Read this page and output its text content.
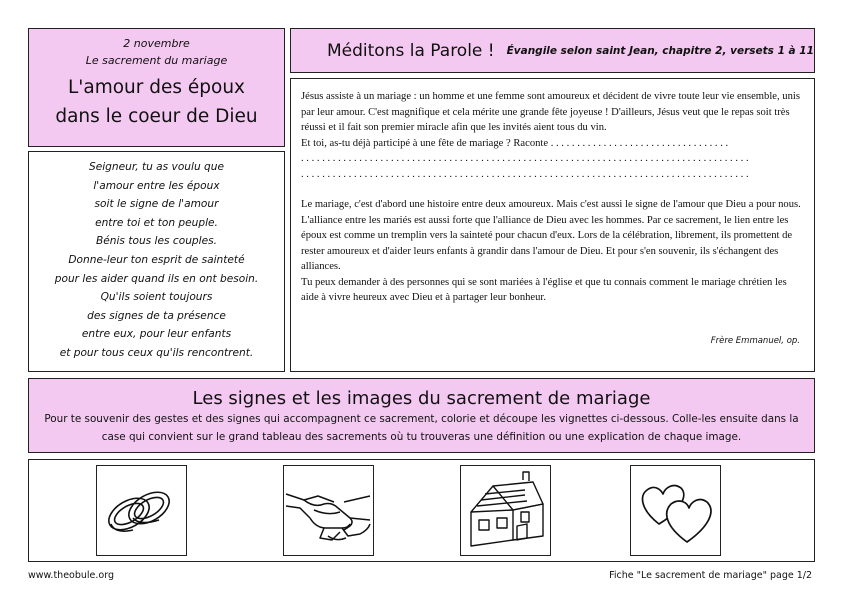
2 novembre
Le sacrement du mariage
L'amour des époux
dans le coeur de Dieu
Seigneur, tu as voulu que
l'amour entre les époux
soit le signe de l'amour
entre toi et ton peuple.
Bénis tous les couples.
Donne-leur ton esprit de sainteté
pour les aider quand ils en ont besoin.
Qu'ils soient toujours
des signes de ta présence
entre eux, pour leur enfants
et pour tous ceux qu'ils rencontrent.
Méditons la Parole ! Évangile selon saint Jean, chapitre 2, versets 1 à 11

Jésus assiste à un mariage : un homme et une femme sont amoureux et décident de vivre toute leur vie ensemble, unis par leur amour. C'est magnifique et cela mérite une grande fête joyeuse ! D'ailleurs, Jésus veut que le repas soit très réussi et il fait son premier miracle afin que les invités aient tous du vin.

Et toi, as-tu déjà participé à une fête de mariage ? Raconte . . . . . . . . . . . . . . . . . . . . . . . . . . . . . . . . . .

. . . . . . . . . . . . . . . . . . . . . . . . . . . . . . . . . . . . . . . . . . . . . . . . . . . . . . . . . . . . . . . . . . . . . . . . . . . . . . . . . . . . .

. . . . . . . . . . . . . . . . . . . . . . . . . . . . . . . . . . . . . . . . . . . . . . . . . . . . . . . . . . . . . . . . . . . . . . . . . . . . . . . . . . . . .

Le mariage, c'est d'abord une histoire entre deux amoureux. Mais c'est aussi le signe de l'amour que Dieu a pour nous. L'alliance entre les mariés est aussi forte que l'alliance de Dieu avec les hommes. Par ce sacrement, le lien entre les époux est comme un tremplin vers la sainteté pour chacun d'eux. Lors de la célébration, librement, ils promettent de rester amoureux et d'aider leurs enfants à grandir dans l'amour de Dieu. Et pour s'en souvenir, ils s'échangent des alliances.

Tu peux demander à des personnes qui se sont mariées à l'église et que tu connais comment le mariage chrétien les aide à vivre heureux avec Dieu et à partager leur bonheur.

Frère Emmanuel, op.
Les signes et les images du sacrement de mariage
Pour te souvenir des gestes et des signes qui accompagnent ce sacrement, colorie et découpe les vignettes ci-dessous. Colle-les ensuite dans la case qui convient sur le grand tableau des sacrements où tu trouveras une définition ou une explication de chaque image.
www.theobule.org	Fiche "Le sacrement de mariage" page 1/2
